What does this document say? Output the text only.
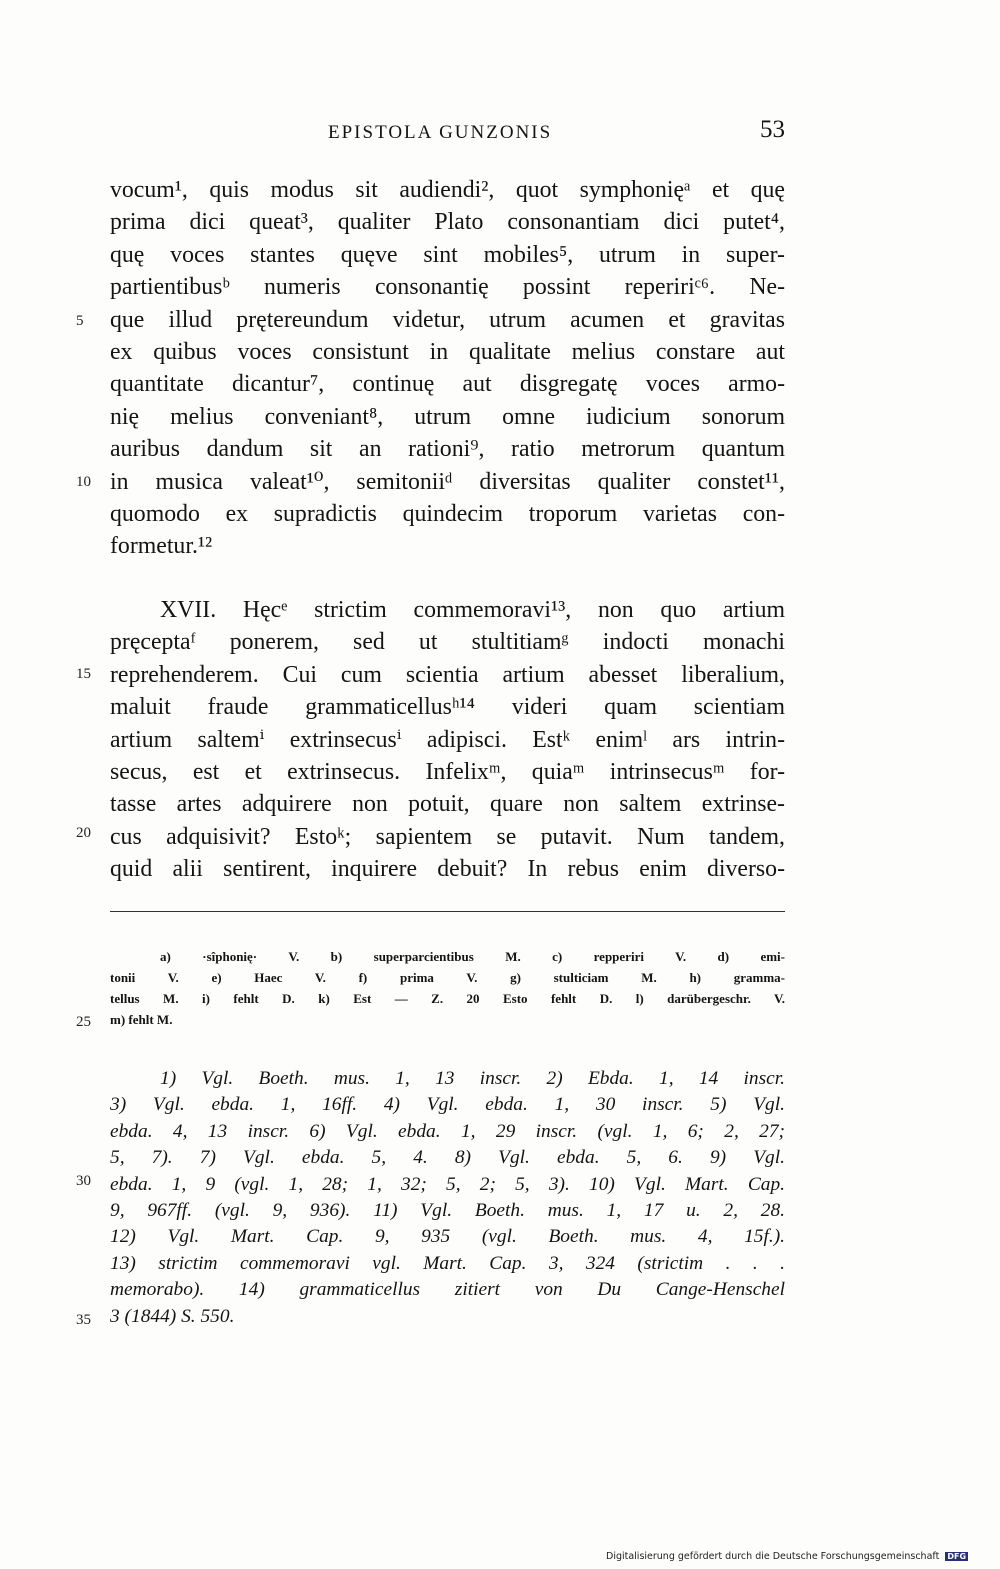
EPISTOLA GUNZONIS	53
vocum¹, quis modus sit audiendi², quot symphonięᵃ et quę
prima dici queat³, qualiter Plato consonantiam dici putet⁴,
quę voces stantes quęve sint mobiles⁵, utrum in super-
partientibusᵇ numeris consonantię possint repeririᶜ⁶. Ne-
que illud prętereundum videtur, utrum acumen et gravitas
ex quibus voces consistunt in qualitate melius constare aut
quantitate dicantur⁷, continuę aut disgregatę voces armo-
nię melius conveniant⁸, utrum omne iudicium sonorum
auribus dandum sit an rationi⁹, ratio metrorum quantum
in musica valeat¹⁰, semitoniiᵈ diversitas qualiter constet¹¹,
quomodo ex supradictis quindecim troporum varietas con-
formetur.¹²
XVII. Hęcᵉ strictim commemoravi¹³, non quo artium
pręceptaᶠ ponerem, sed ut stultitiamᵍ indocti monachi
reprehenderem. Cui cum scientia artium abesset liberalium,
maluit fraude grammaticellusʰ¹⁴ videri quam scientiam
artium saltemⁱ extrinsecusⁱ adipisci. Estᵏ enimˡ ars intrin-
secus, est et extrinsecus. Infelixᵐ, quiaᵐ intrinsecusᵐ for-
tasse artes adquirere non potuit, quare non saltem extrinse-
cus adquisivit? Estoᵏ; sapientem se putavit. Num tandem,
quid alii sentirent, inquirere debuit? In rebus enim diverso-
a) ·sîphonię· V. b) superparcientibus M. c) repperiri V. d) emi-
tonii V. e) Haec V. f) prima V. g) stulticiam M. h) gramma-
tellus M. i) fehlt D. k) Est — Z. 20 Esto fehlt D. l) darübergeschr. V.
m) fehlt M.
1) Vgl. Boeth. mus. 1, 13 inscr. 2) Ebda. 1, 14 inscr.
3) Vgl. ebda. 1, 16ff. 4) Vgl. ebda. 1, 30 inscr. 5) Vgl.
ebda. 4, 13 inscr. 6) Vgl. ebda. 1, 29 inscr. (vgl. 1, 6; 2, 27;
5, 7). 7) Vgl. ebda. 5, 4. 8) Vgl. ebda. 5, 6. 9) Vgl.
ebda. 1, 9 (vgl. 1, 28; 1, 32; 5, 2; 5, 3). 10) Vgl. Mart. Cap.
9, 967ff. (vgl. 9, 936). 11) Vgl. Boeth. mus. 1, 17 u. 2, 28.
12) Vgl. Mart. Cap. 9, 935 (vgl. Boeth. mus. 4, 15f.).
13) strictim commemoravi vgl. Mart. Cap. 3, 324 (strictim . . .
memorabo). 14) grammaticellus zitiert von Du Cange-Henschel
3 (1844) S. 550.
5
10
15
20
25
30
35
Digitalisierung gefördert durch die Deutsche Forschungsgemeinschaft DFG
